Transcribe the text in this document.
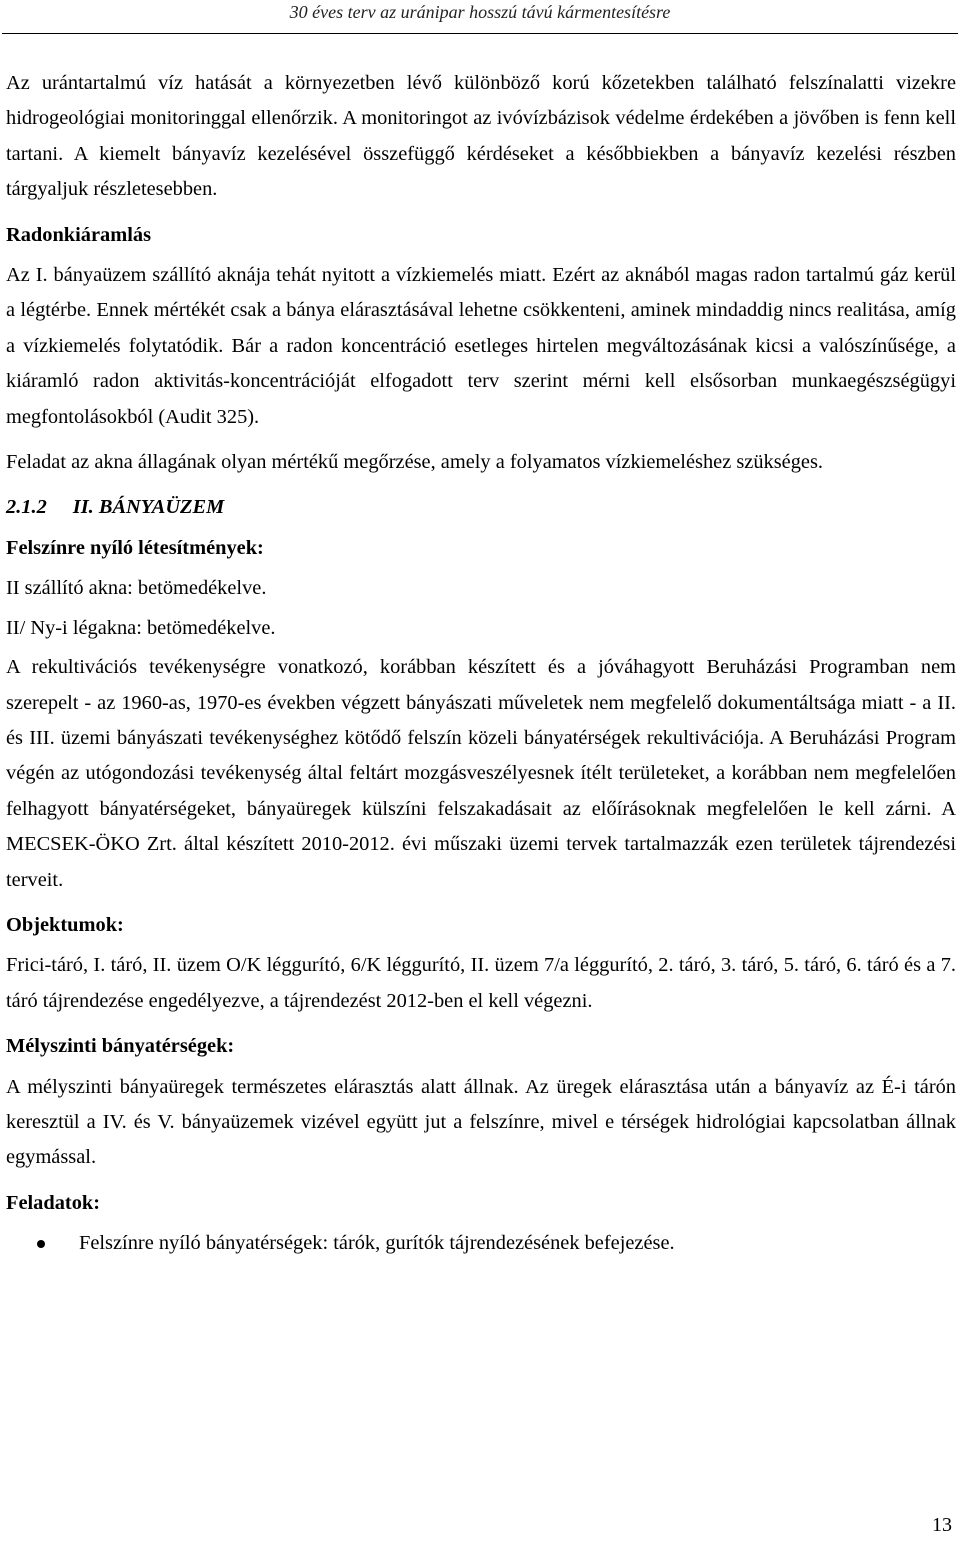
30 éves terv az uránipar hosszú távú kármentesítésre

Az urántartalmú víz hatását a környezetben lévő különböző korú kőzetekben található felszínalatti vizekre hidrogeológiai monitoringgal ellenőrzik. A monitoringot az ivóvízbázisok védelme érdekében a jövőben is fenn kell tartani. A kiemelt bányavíz kezelésével összefüggő kérdéseket a későbbiekben a bányavíz kezelési részben tárgyaljuk részletesebben.

Radonkiáramlás

Az I. bányaüzem szállító aknája tehát nyitott a vízkiemelés miatt. Ezért az aknából magas radon tartalmú gáz kerül a légtérbe. Ennek mértékét csak a bánya elárasztásával lehetne csökkenteni, aminek mindaddig nincs realitása, amíg a vízkiemelés folytatódik. Bár a radon koncentráció esetleges hirtelen megváltozásának kicsi a valószínűsége, a kiáramló radon aktivitás-koncentrációját elfogadott terv szerint mérni kell elsősorban munkaegészségügyi megfontolásokból (Audit 325).

Feladat az akna állagának olyan mértékű megőrzése, amely a folyamatos vízkiemeléshez szükséges.

2.1.2 II. BÁNYAÜZEM
Felszínre nyíló létesítmények:

II szállító akna: betömedékelve.

II/ Ny-i légakna: betömedékelve.

A rekultivációs tevékenységre vonatkozó, korábban készített és a jóváhagyott Beruházási Programban nem szerepelt - az 1960-as, 1970-es években végzett bányászati műveletek nem megfelelő dokumentáltsága miatt - a II. és III. üzemi bányászati tevékenységhez kötődő felszín közeli bányatérségek rekultivációja. A Beruházási Program végén az utógondozási tevékenység által feltárt mozgásveszélyesnek ítélt területeket, a korábban nem megfelelően felhagyott bányatérségeket, bányaüregek külszíni felszakadásait az előírásoknak megfelelően le kell zárni. A MECSEK-ÖKO Zrt. által készített 2010-2012. évi műszaki üzemi tervek tartalmazzák ezen területek tájrendezési terveit.

Objektumok:

Frici-táró, I. táró, II. üzem O/K léggurító, 6/K léggurító, II. üzem 7/a léggurító, 2. táró, 3. táró, 5. táró, 6. táró és a 7. táró tájrendezése engedélyezve, a tájrendezést 2012-ben el kell végezni.

Mélyszinti bányatérségek:

A mélyszinti bányaüregek természetes elárasztás alatt állnak. Az üregek elárasztása után a bányavíz az É-i tárón keresztül a IV. és V. bányaüzemek vizével együtt jut a felszínre, mivel e térségek hidrológiai kapcsolatban állnak egymással.

Feladatok:
Felszínre nyíló bányatérségek: tárók, gurítók tájrendezésének befejezése.
13
